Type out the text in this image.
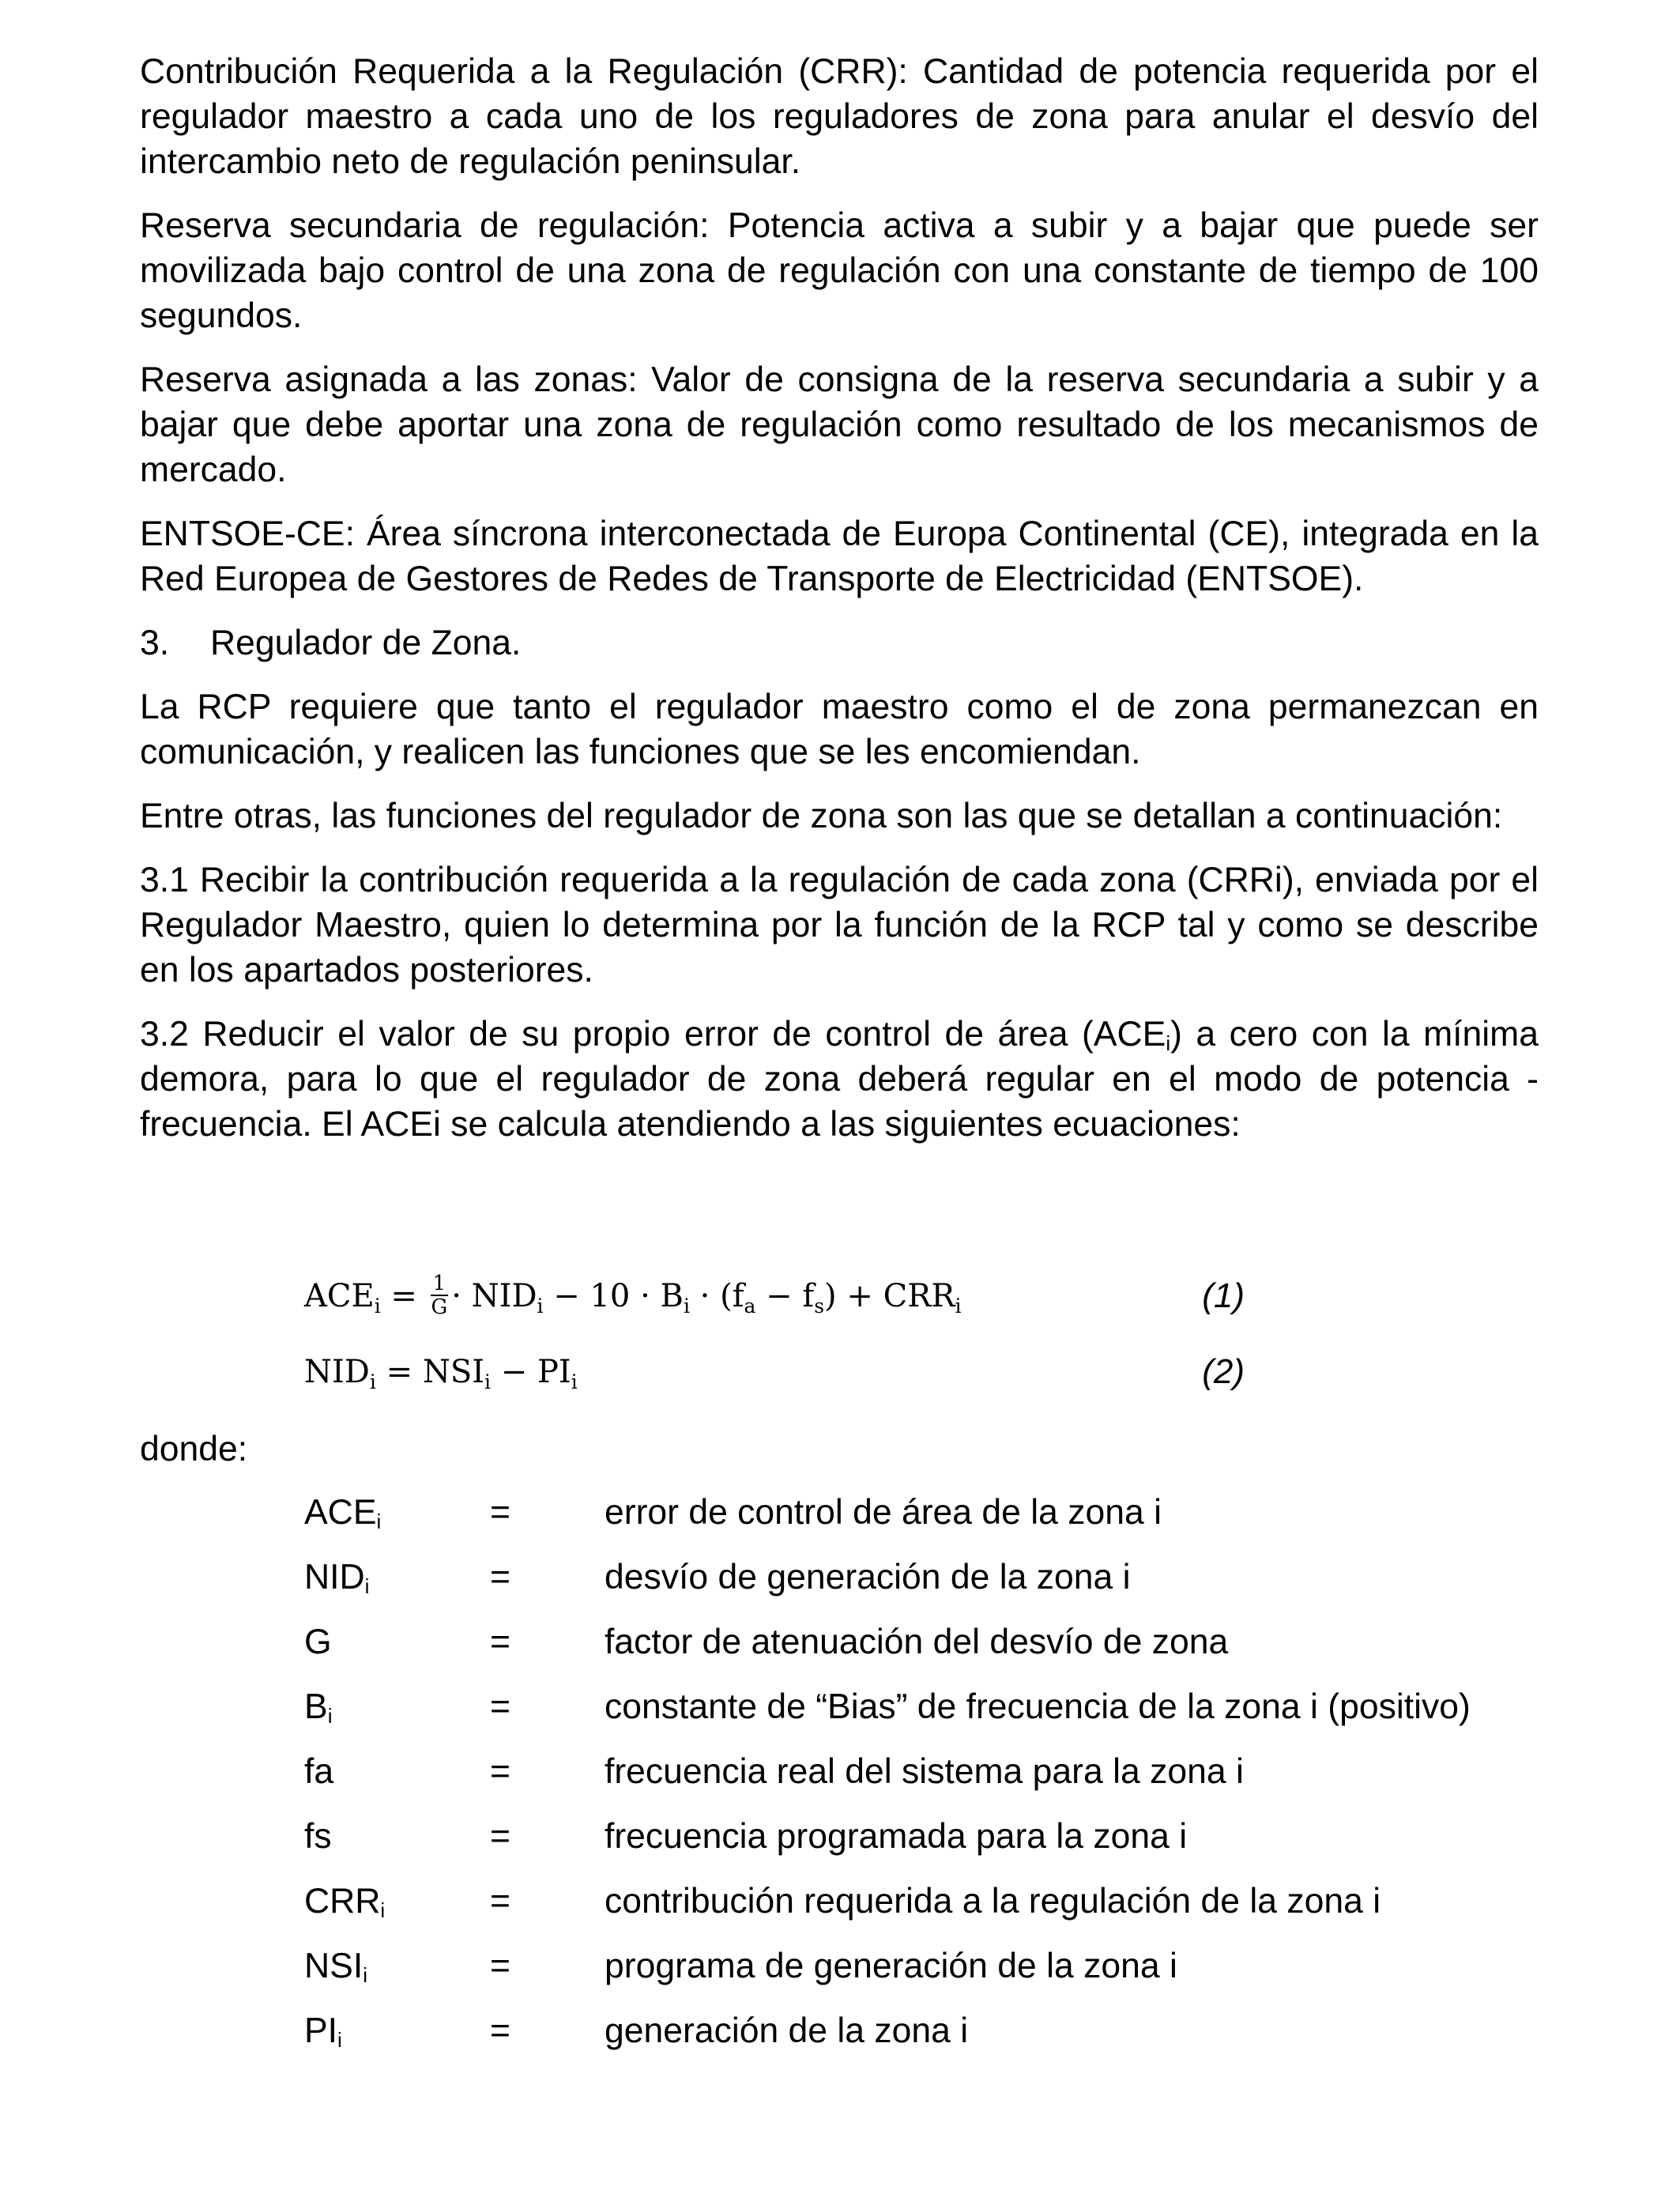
Contribución Requerida a la Regulación (CRR): Cantidad de potencia requerida por el regulador maestro a cada uno de los reguladores de zona para anular el desvío del intercambio neto de regulación peninsular.

Reserva secundaria de regulación: Potencia activa a subir y a bajar que puede ser movilizada bajo control de una zona de regulación con una constante de tiempo de 100 segundos.

Reserva asignada a las zonas: Valor de consigna de la reserva secundaria a subir y a bajar que debe aportar una zona de regulación como resultado de los mecanismos de mercado.

ENTSOE-CE: Área síncrona interconectada de Europa Continental (CE), integrada en la Red Europea de Gestores de Redes de Transporte de Electricidad (ENTSOE).

3.	Regulador de Zona.

La RCP requiere que tanto el regulador maestro como el de zona permanezcan en comunicación, y realicen las funciones que se les encomiendan.

Entre otras, las funciones del regulador de zona son las que se detallan a continuación:

3.1 Recibir la contribución requerida a la regulación de cada zona (CRRi), enviada por el Regulador Maestro, quien lo determina por la función de la RCP tal y como se describe en los apartados posteriores.

3.2 Reducir el valor de su propio error de control de área $(ACE_i)$ a cero con la mínima demora, para lo que el regulador de zona deberá regular en el modo de potencia - frecuencia. El ACEi se calcula atendiendo a las siguientes ecuaciones:

$ACE_i = \frac{1}{G} \cdot NID_i - 10 \cdot B_i \cdot (f_a - f_s) + CRR_i$	(1)
$NID_i = NSI_i - PI_i$	(2)
donde:
$ACE_i$	=	error de control de área de la zona i
$NID_i$	=	desvío de generación de la zona i
G	=	factor de atenuación del desvío de zona
$B_i$	=	constante de “Bias” de frecuencia de la zona i (positivo)
fa	=	frecuencia real del sistema para la zona i
fs	=	frecuencia programada para la zona i
$CRR_i$	=	contribución requerida a la regulación de la zona i
$NSI_i$	=	programa de generación de la zona i
$PI_i$	=	generación de la zona i
